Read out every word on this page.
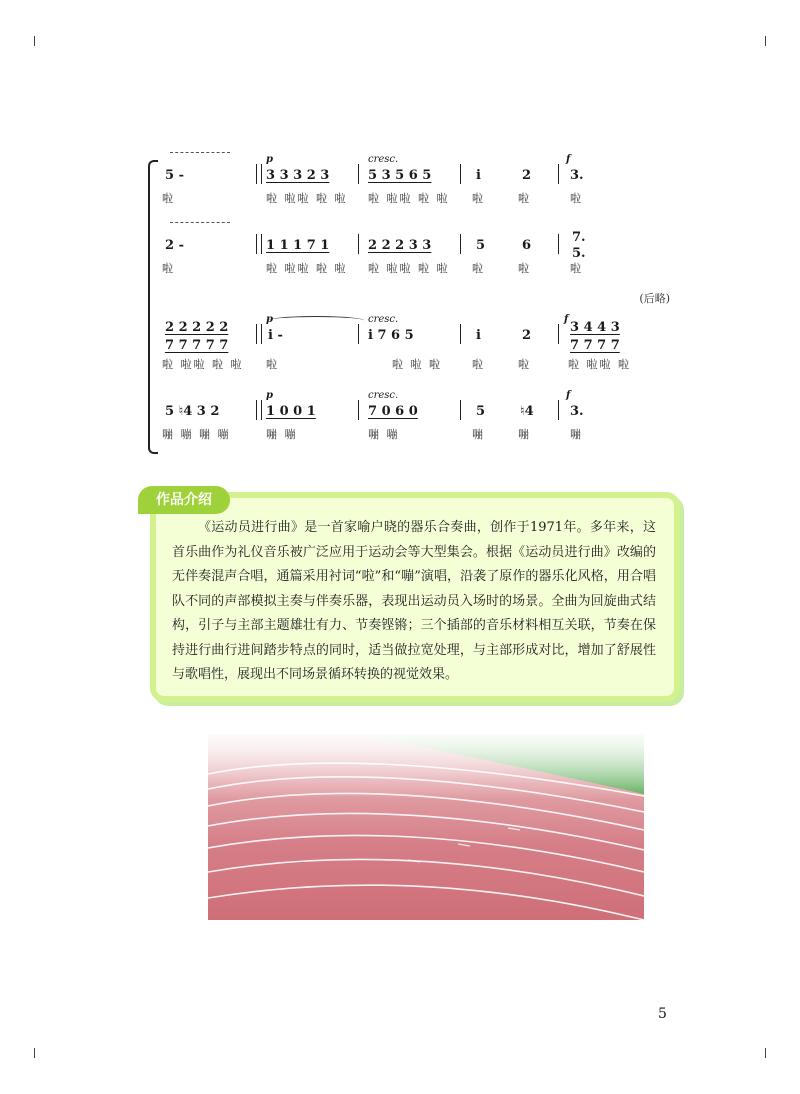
5 -
啦
p
3 3 3 2 3
啦 啦啦 啦 啦
cresc.
5 3 5 6 5
啦 啦啦 啦 啦
i
啦
2
啦
f
3.
啦
2 -
啦
1 1 1 7 1
啦 啦啦 啦 啦
2 2 2 3 3
啦 啦啦 啦 啦
5
啦
6
啦
7.
5.
啦
(后略)
2 2 2 2 2
7 7 7 7 7
啦 啦啦 啦 啦
p
i -
啦
cresc.
i 7 6 5
啦 啦 啦
i
啦
2
啦
f
3 4 4 3
7 7 7 7
啦 啦啦 啦
5 ♮4 3 2
嘣 嘣 嘣 嘣
p
1 0 0 1
嘣 嘣
cresc.
7 0 6 0
嘣 嘣
5
嘣
♮4
嘣
f
3.
嘣
作品介绍
《运动员进行曲》是一首家喻户晓的器乐合奏曲，创作于1971年。多年来，这首乐曲作为礼仪音乐被广泛应用于运动会等大型集会。根据《运动员进行曲》改编的无伴奏混声合唱，通篇采用衬词“啦”和“嘣”演唱，沿袭了原作的器乐化风格，用合唱队不同的声部模拟主奏与伴奏乐器，表现出运动员入场时的场景。全曲为回旋曲式结构，引子与主部主题雄壮有力、节奏铿锵；三个插部的音乐材料相互关联，节奏在保持进行曲行进间踏步特点的同时，适当做拉宽处理，与主部形成对比，增加了舒展性与歌唱性，展现出不同场景循环转换的视觉效果。
5
